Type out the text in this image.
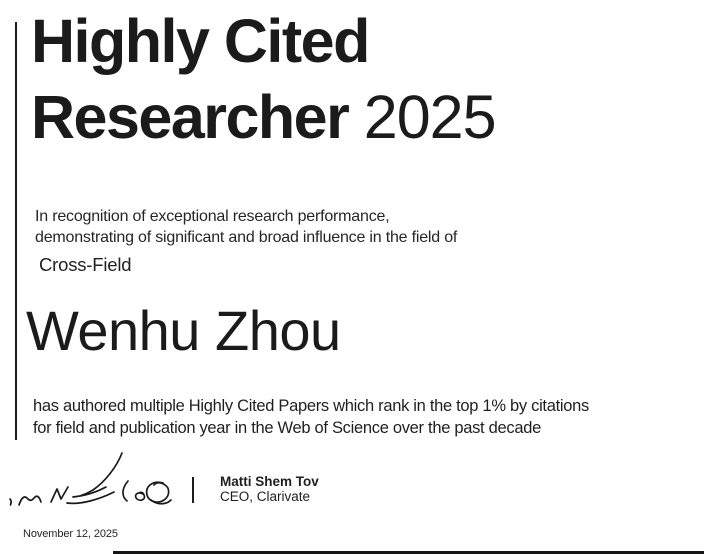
Highly Cited
Researcher 2025
In recognition of exceptional research performance,
demonstrating of significant and broad influence in the field of
Cross-Field
Wenhu Zhou
has authored multiple Highly Cited Papers which rank in the top 1% by citations
for field and publication year in the Web of Science over the past decade
Matti Shem Tov
CEO, Clarivate
November 12, 2025
